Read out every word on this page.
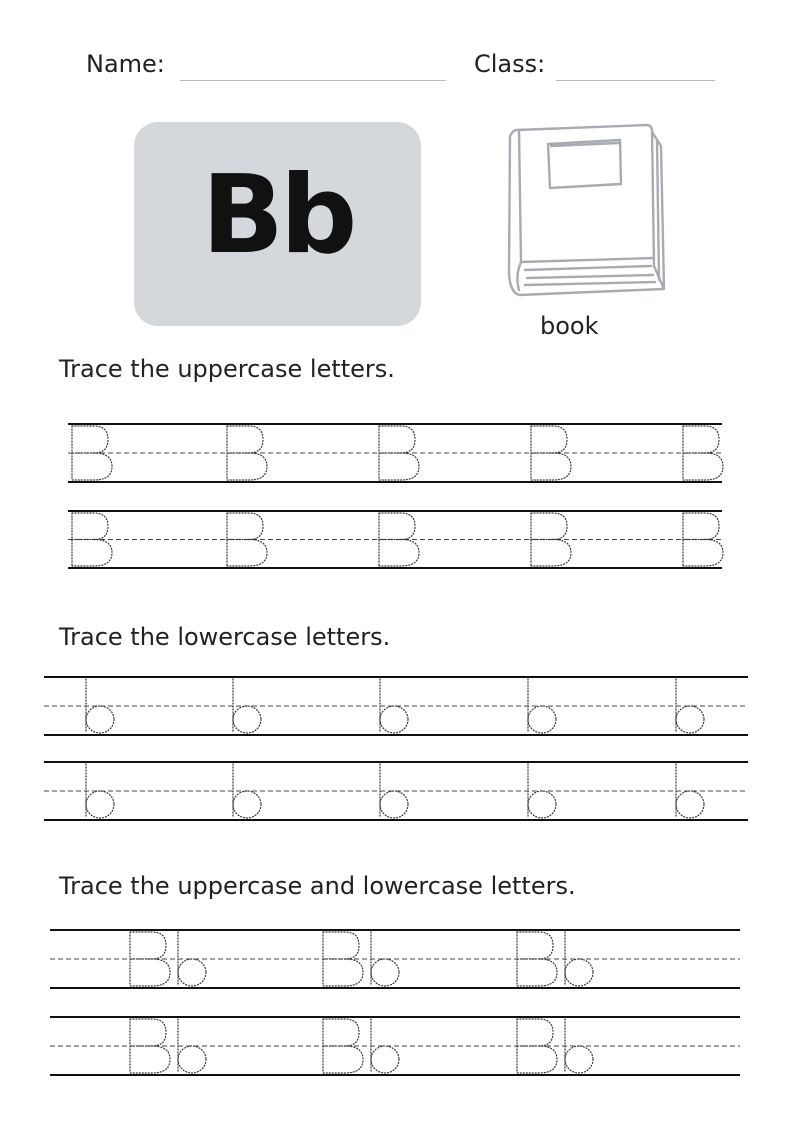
Name:	Class:
Bb
book
Trace the uppercase letters.
Trace the lowercase letters.
Trace the uppercase and lowercase letters.
